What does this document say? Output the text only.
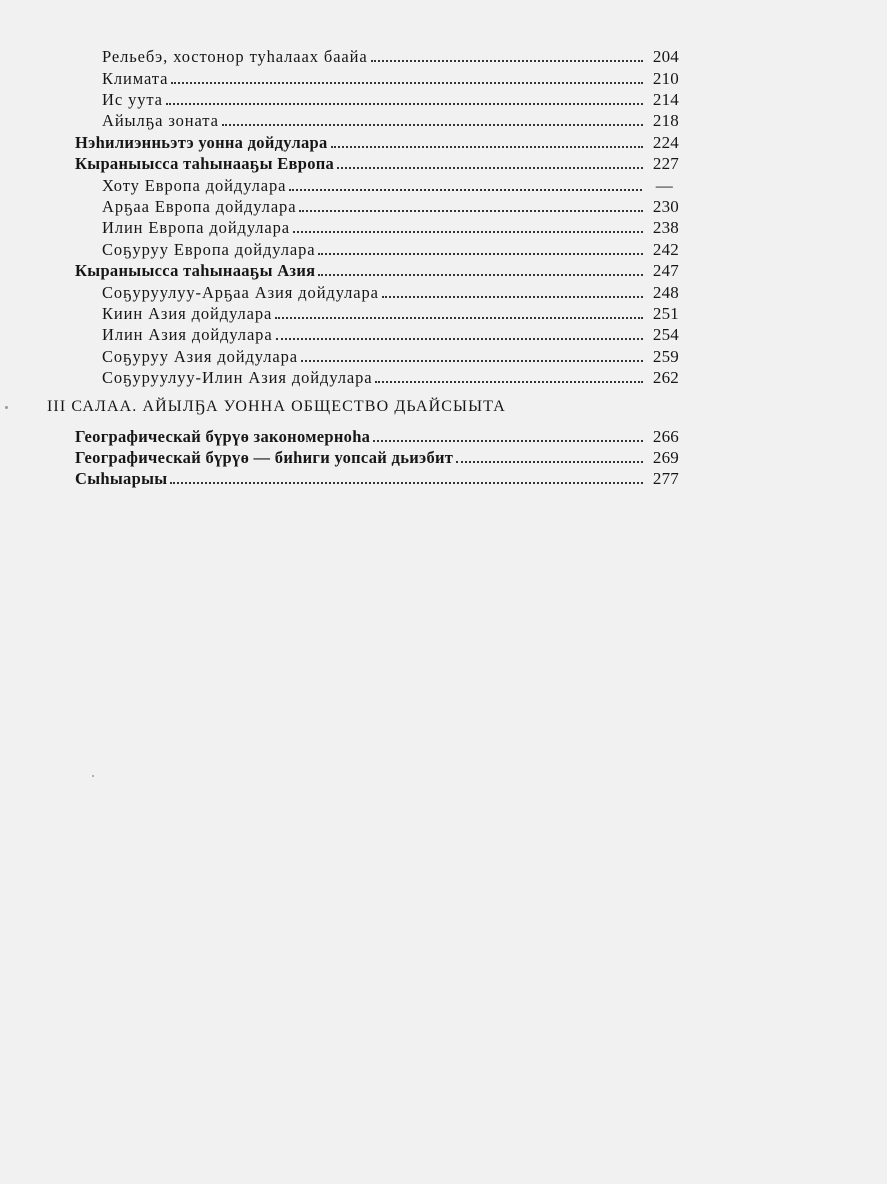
Рельебэ, хостонор туһалаах баайа	204
Климата	210
Ис уута	214
Айылҕа зоната	218
Нэһилиэнньэтэ уонна дойдулара	224
Кыраныысса таһынааҕы Европа	227
Хоту Европа дойдулара	—
Арҕаа Европа дойдулара	230
Илин Европа дойдулара	238
Соҕуруу Европа дойдулара	242
Кыраныысса таһынааҕы Азия	247
Соҕуруулуу-Арҕаа Азия дойдулара	248
Киин Азия дойдулара	251
Илин Азия дойдулара	254
Соҕуруу Азия дойдулара	259
Соҕуруулуу-Илин Азия дойдулара	262
III САЛАА. АЙЫЛҔА УОННА ОБЩЕСТВО ДЬАЙСЫЫТА
Географическай бүрүө закономерноһа	266
Географическай бүрүө — биһиги уопсай дьиэбит	269
Сыһыарыы	277
